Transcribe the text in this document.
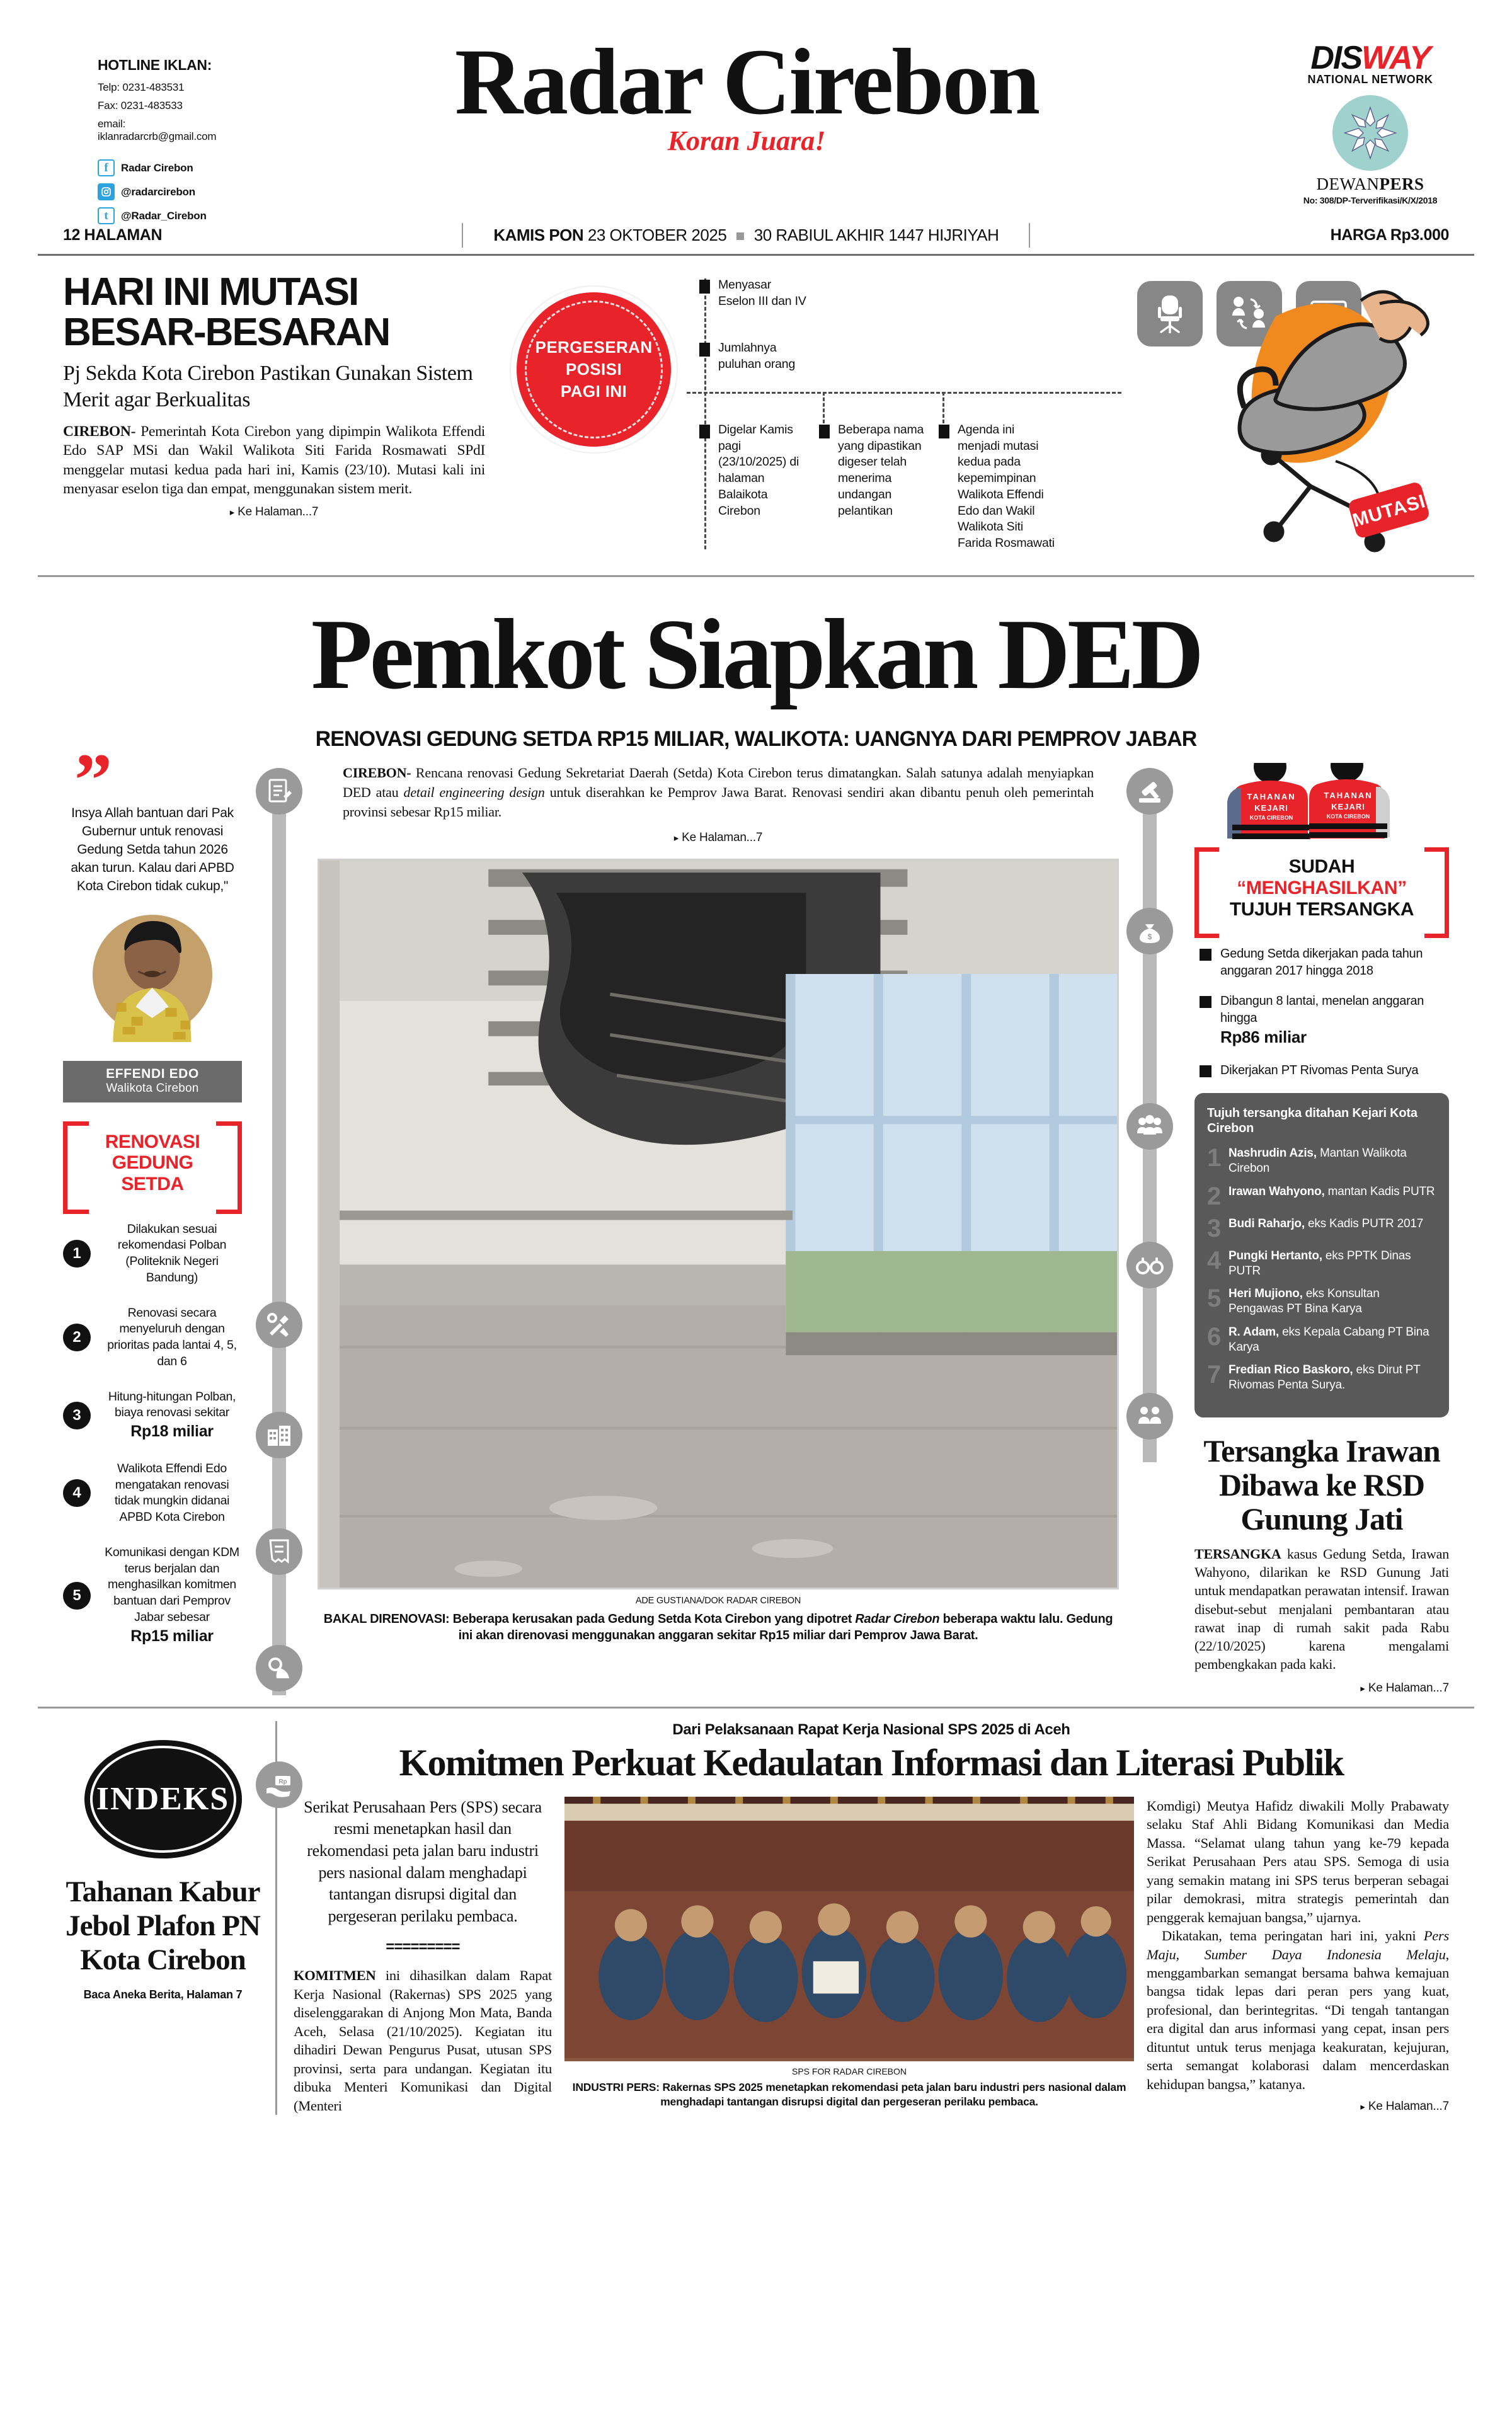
HOTLINE IKLAN:
Telp: 0231-483531
Fax: 0231-483533
email: iklanradarcrb@gmail.com
f	Radar Cirebon
@radarcirebon
t	@Radar_Cirebon
Radar Cirebon
Koran Juara!
DISWAY
NATIONAL NETWORK
DEWANPERS
No: 308/DP-Terverifikasi/K/X/2018
12 HALAMAN	KAMIS PON 23 OKTOBER 2025 30 RABIUL AKHIR 1447 HIJRIYAH	HARGA Rp3.000
HARI INI MUTASI BESAR-BESARAN
Pj Sekda Kota Cirebon Pastikan Gunakan Sistem Merit agar Berkualitas
CIREBON- Pemerintah Kota Cirebon yang dipimpin Walikota Effendi Edo SAP MSi dan Wakil Walikota Siti Farida Rosmawati SPdI menggelar mutasi kedua pada hari ini, Kamis (23/10). Mutasi kali ini menyasar eselon tiga dan empat, menggunakan sistem merit.
▸ Ke Halaman...7
PERGESERAN
POSISI
PAGI INI
Menyasar Eselon III dan IV
Jumlahnya puluhan orang
Digelar Kamis pagi (23/10/2025) di halaman Balaikota Cirebon
Beberapa nama yang dipastikan digeser telah menerima undangan pelantikan
Agenda ini menjadi mutasi kedua pada kepemimpinan Walikota Effendi Edo dan Wakil Walikota Siti Farida Rosmawati
MUTASI
Pemkot Siapkan DED
RENOVASI GEDUNG SETDA RP15 MILIAR, WALIKOTA: UANGNYA DARI PEMPROV JABAR
”
Insya Allah bantuan dari Pak Gubernur untuk renovasi Gedung Setda tahun 2026 akan turun. Kalau dari APBD Kota Cirebon tidak cukup,"
EFFENDI EDO
Walikota Cirebon
RENOVASI
GEDUNG
SETDA
1
Dilakukan sesuai rekomendasi Polban (Politeknik Negeri Bandung)
2
Renovasi secara menyeluruh dengan prioritas pada lantai 4, 5, dan 6
3
Hitung-hitungan Polban, biaya renovasi sekitar
Rp18 miliar
4
Walikota Effendi Edo mengatakan renovasi tidak mungkin didanai APBD Kota Cirebon
5
Komunikasi dengan KDM terus berjalan dan menghasilkan komitmen bantuan dari Pemprov Jabar sebesar
Rp15 miliar
Rp
CIREBON- Rencana renovasi Gedung Sekretariat Daerah (Setda) Kota Cirebon terus dimatangkan. Salah satunya adalah menyiapkan DED atau detail engineering design untuk diserahkan ke Pemprov Jawa Barat. Renovasi sendiri akan dibantu penuh oleh pemerintah provinsi sebesar Rp15 miliar.
▸ Ke Halaman...7
ADE GUSTIANA/DOK RADAR CIREBON
BAKAL DIRENOVASI: Beberapa kerusakan pada Gedung Setda Kota Cirebon yang dipotret Radar Cirebon beberapa waktu lalu. Gedung ini akan direnovasi menggunakan anggaran sekitar Rp15 miliar dari Pemprov Jawa Barat.
$
TAHANAN
KEJARI
KOTA CIREBON
TAHANAN
KEJARI
KOTA CIREBON
SUDAH
“MENGHASILKAN”
TUJUH TERSANGKA
Gedung Setda dikerjakan pada tahun anggaran 2017 hingga 2018
Dibangun 8 lantai, menelan anggaran hingga
Rp86 miliar
Dikerjakan PT Rivomas Penta Surya
Tujuh tersangka ditahan Kejari Kota Cirebon
1 Nashrudin Azis, Mantan Walikota Cirebon
2 Irawan Wahyono, mantan Kadis PUTR
3 Budi Raharjo, eks Kadis PUTR 2017
4 Pungki Hertanto, eks PPTK Dinas PUTR
5 Heri Mujiono, eks Konsultan Pengawas PT Bina Karya
6 R. Adam, eks Kepala Cabang PT Bina Karya
7 Fredian Rico Baskoro, eks Dirut PT Rivomas Penta Surya.
Tersangka Irawan Dibawa ke RSD Gunung Jati
TERSANGKA kasus Gedung Setda, Irawan Wahyono, dilarikan ke RSD Gunung Jati untuk mendapatkan perawatan intensif. Irawan disebut-sebut menjalani pembantaran atau rawat inap di rumah sakit pada Rabu (22/10/2025) karena mengalami pembengkakan pada kaki.
▸ Ke Halaman...7
INDEKS
Tahanan Kabur Jebol Plafon PN Kota Cirebon
Baca Aneka Berita, Halaman 7
Dari Pelaksanaan Rapat Kerja Nasional SPS 2025 di Aceh
Komitmen Perkuat Kedaulatan Informasi dan Literasi Publik
Serikat Perusahaan Pers (SPS) secara resmi menetapkan hasil dan rekomendasi peta jalan baru industri pers nasional dalam menghadapi tantangan disrupsi digital dan pergeseran perilaku pembaca.
=========
KOMITMEN ini dihasilkan dalam Rapat Kerja Nasional (Rakernas) SPS 2025 yang diselenggarakan di Anjong Mon Mata, Banda Aceh, Selasa (21/10/2025). Kegiatan itu dihadiri Dewan Pengurus Pusat, utusan SPS provinsi, serta para undangan. Kegiatan itu dibuka Menteri Komunikasi dan Digital (Menteri
SPS FOR RADAR CIREBON
INDUSTRI PERS: Rakernas SPS 2025 menetapkan rekomendasi peta jalan baru industri pers nasional dalam menghadapi tantangan disrupsi digital dan pergeseran perilaku pembaca.
Komdigi) Meutya Hafidz diwakili Molly Prabawaty selaku Staf Ahli Bidang Komunikasi dan Media Massa. “Selamat ulang tahun yang ke-79 kepada Serikat Perusahaan Pers atau SPS. Semoga di usia yang semakin matang ini SPS terus berperan sebagai pilar demokrasi, mitra strategis pemerintah dan penggerak kemajuan bangsa,” ujarnya.
Dikatakan, tema peringatan hari ini, yakni Pers Maju, Sumber Daya Indonesia Melaju, menggambarkan semangat bersama bahwa kemajuan bangsa tidak lepas dari peran pers yang kuat, profesional, dan berintegritas. “Di tengah tantangan era digital dan arus informasi yang cepat, insan pers dituntut untuk terus menjaga keakuratan, kejujuran, serta semangat kolaborasi dalam mencerdaskan kehidupan bangsa,” katanya.
▸ Ke Halaman...7
